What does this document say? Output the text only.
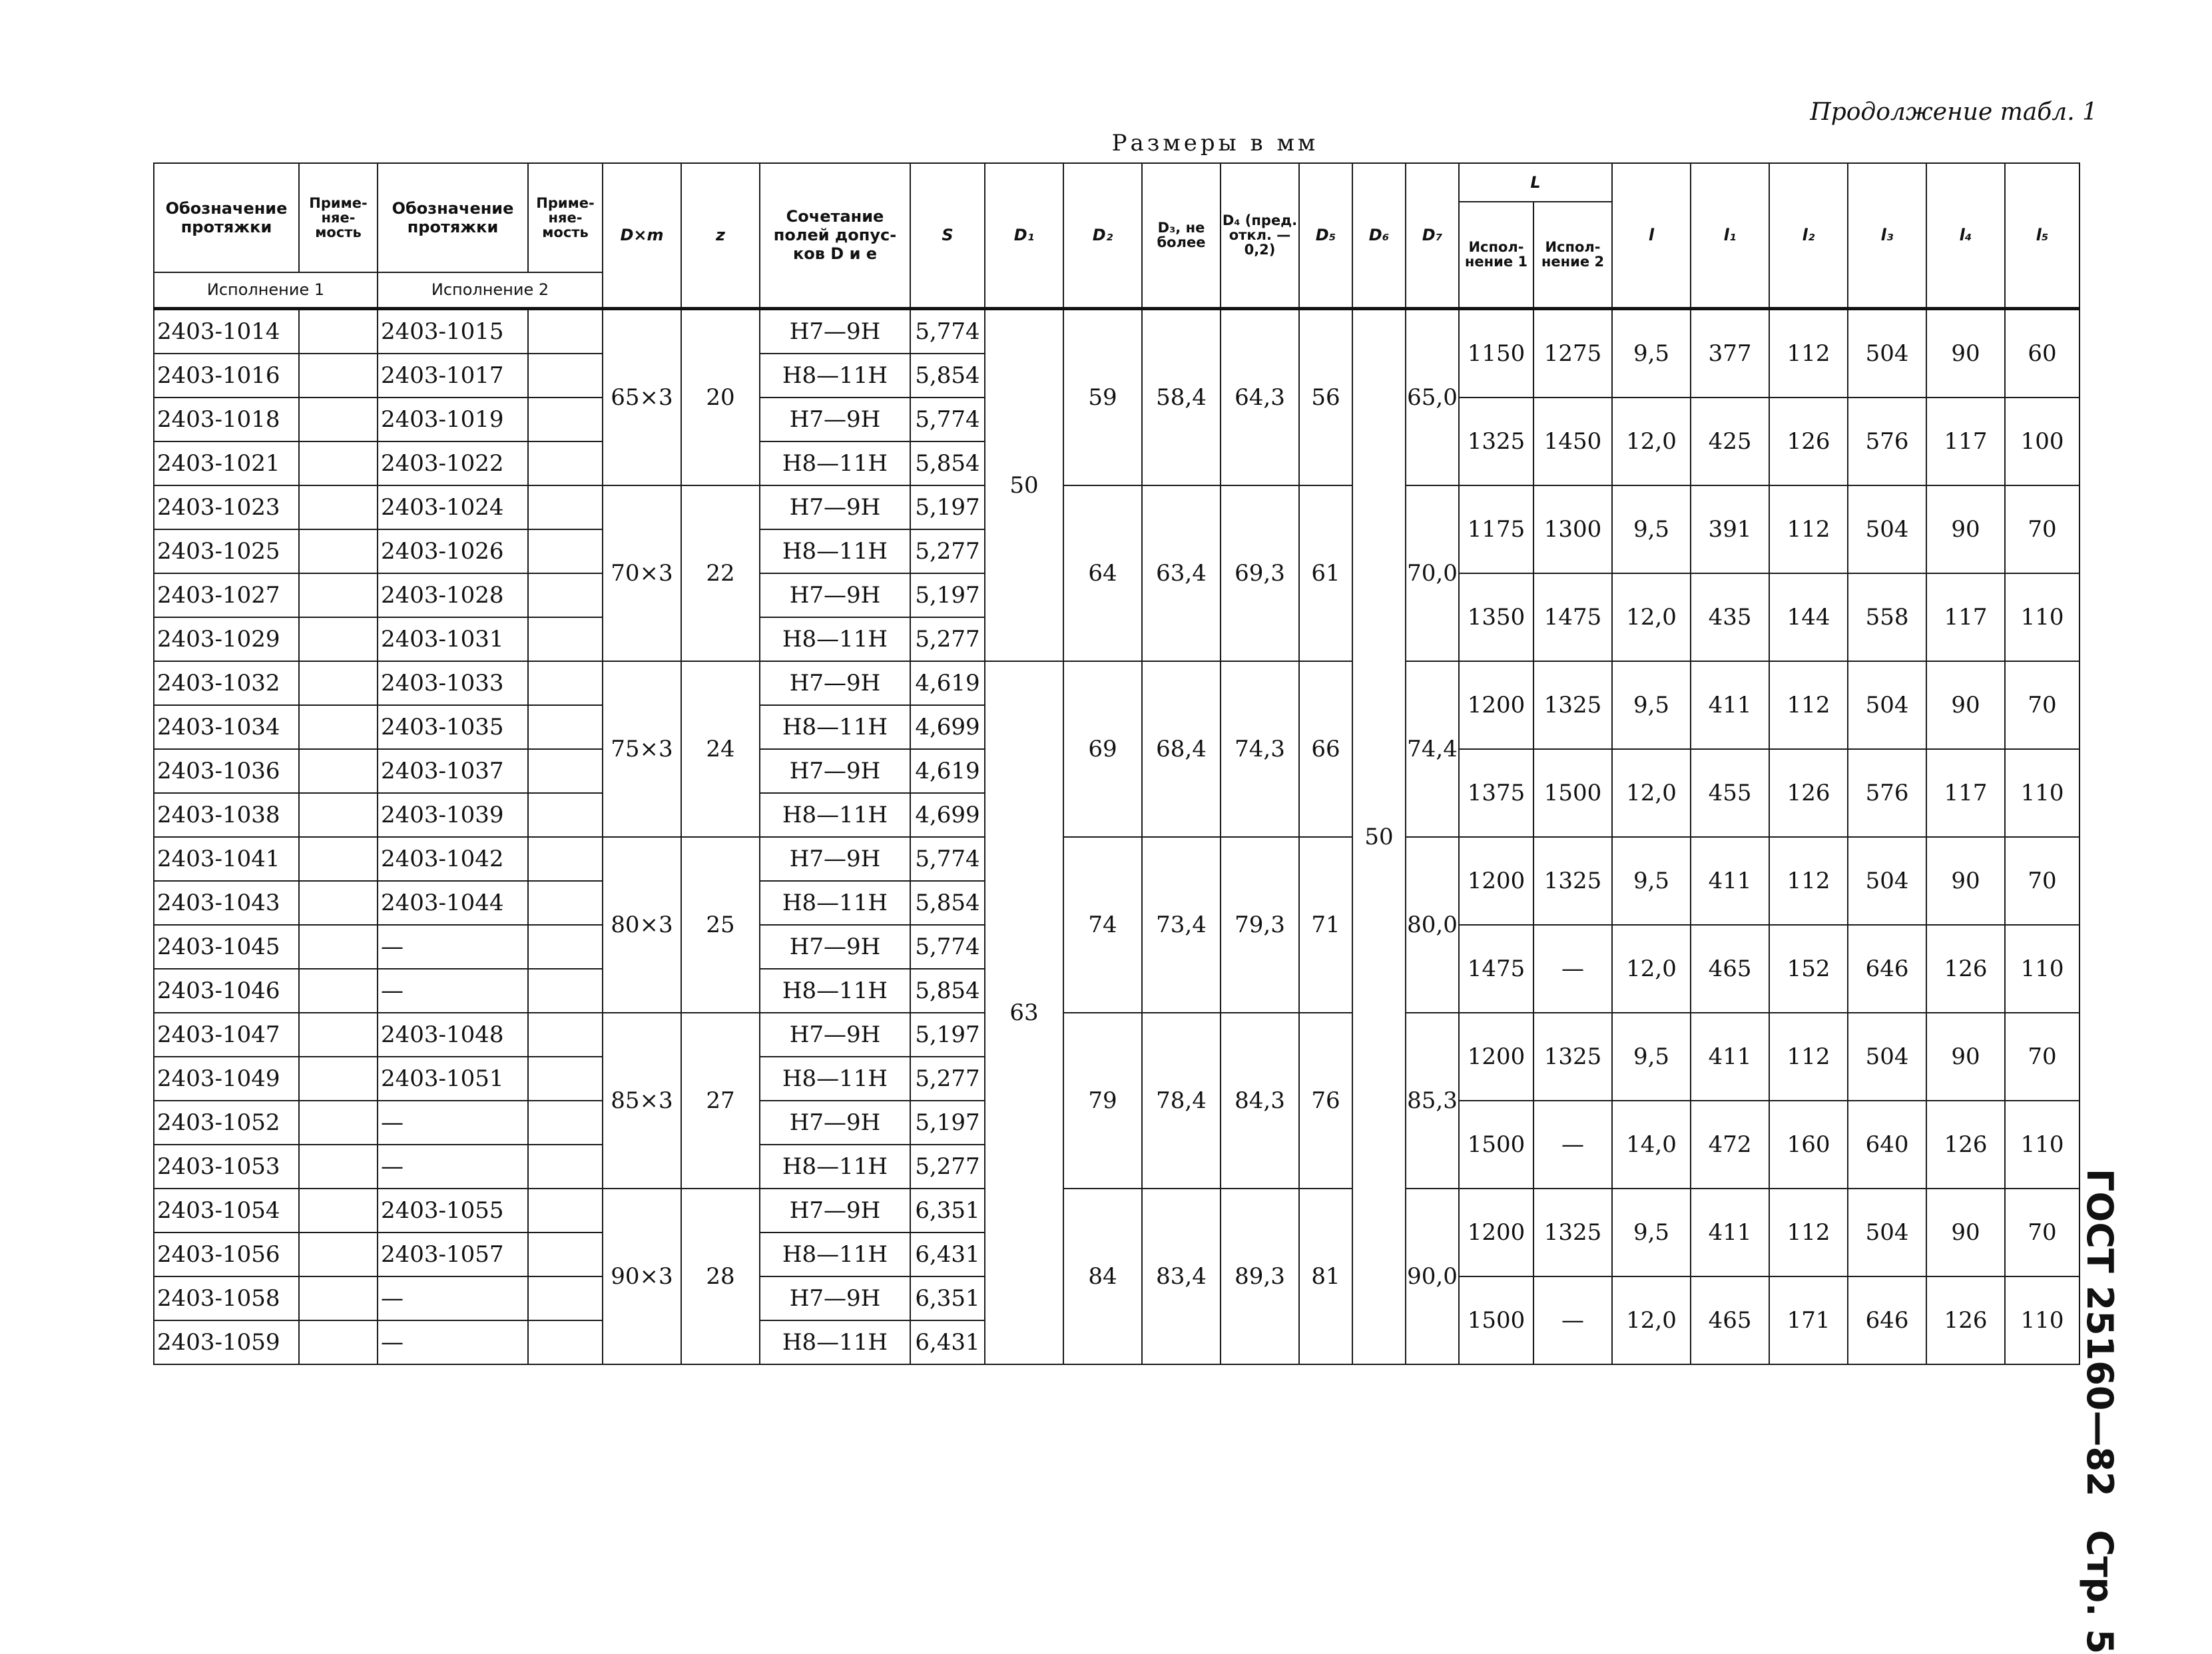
Продолжение табл. 1
Размеры в мм
ГОСТ 25160—82Стр. 5
Обозначение протяжки	Приме-няе-мость	Обозначение протяжки	Приме-няе-мость	D×m	z	Сочетание полей допус-ков D и e	S	D₁	D₂	D₃, не более	D₄ (пред. откл. —0,2)	D₅	D₆	D₇	L		l	l₁	l₂	l₃	l₄	l₅
															Испол-нение 1	Испол-нение 2						
Исполнение 1		Исполнение 2																				
2403-1014		2403-1015		65×3	20	H7—9H	5,774	50	59	58,4	64,3	56	50	65,0	1150	1275	9,5	377	112	504	90	60
2403-1016		2403-1017				H8—11H	5,854															
2403-1018		2403-1019				H7—9H	5,774								1325	1450	12,0	425	126	576	117	100
2403-1021		2403-1022				H8—11H	5,854															
2403-1023		2403-1024		70×3	22	H7—9H	5,197		64	63,4	69,3	61		70,0	1175	1300	9,5	391	112	504	90	70
2403-1025		2403-1026				H8—11H	5,277															
2403-1027		2403-1028				H7—9H	5,197								1350	1475	12,0	435	144	558	117	110
2403-1029		2403-1031				H8—11H	5,277															
2403-1032		2403-1033		75×3	24	H7—9H	4,619	63	69	68,4	74,3	66		74,4	1200	1325	9,5	411	112	504	90	70
2403-1034		2403-1035				H8—11H	4,699															
2403-1036		2403-1037				H7—9H	4,619								1375	1500	12,0	455	126	576	117	110
2403-1038		2403-1039				H8—11H	4,699															
2403-1041		2403-1042		80×3	25	H7—9H	5,774		74	73,4	79,3	71		80,0	1200	1325	9,5	411	112	504	90	70
2403-1043		2403-1044				H8—11H	5,854															
2403-1045		—				H7—9H	5,774								1475	—	12,0	465	152	646	126	110
2403-1046		—				H8—11H	5,854															
2403-1047		2403-1048		85×3	27	H7—9H	5,197		79	78,4	84,3	76		85,3	1200	1325	9,5	411	112	504	90	70
2403-1049		2403-1051				H8—11H	5,277															
2403-1052		—				H7—9H	5,197								1500	—	14,0	472	160	640	126	110
2403-1053		—				H8—11H	5,277															
2403-1054		2403-1055		90×3	28	H7—9H	6,351		84	83,4	89,3	81		90,0	1200	1325	9,5	411	112	504	90	70
2403-1056		2403-1057				H8—11H	6,431															
2403-1058		—				H7—9H	6,351								1500	—	12,0	465	171	646	126	110
2403-1059		—				H8—11H	6,431															
